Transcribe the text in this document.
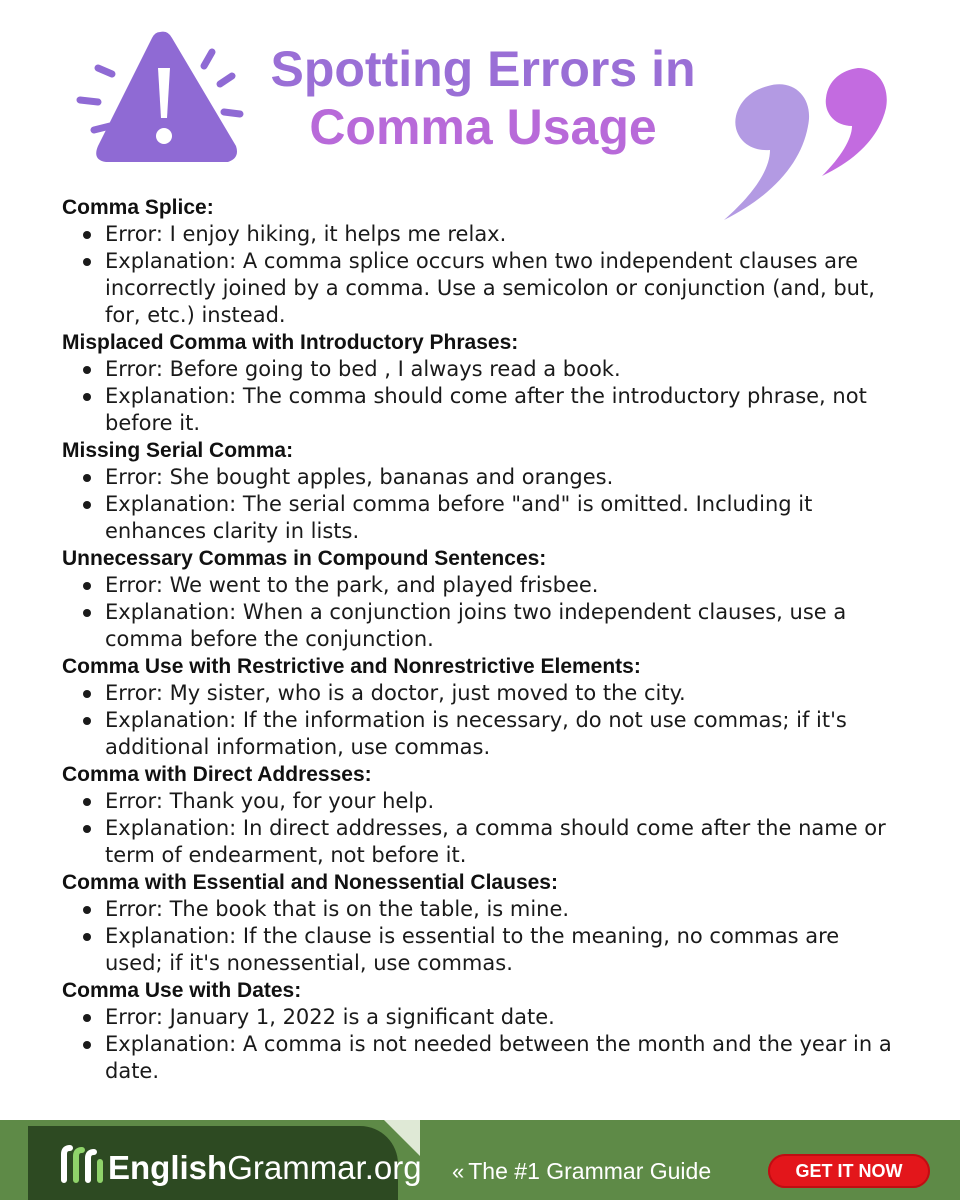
Spotting Errors in
Comma Usage
Comma Splice:
Error: I enjoy hiking, it helps me relax.
Explanation: A comma splice occurs when two independent clauses are incorrectly joined by a comma. Use a semicolon or conjunction (and, but, for, etc.) instead.
Misplaced Comma with Introductory Phrases:
Error: Before going to bed , I always read a book.
Explanation: The comma should come after the introductory phrase, not before it.
Missing Serial Comma:
Error: She bought apples, bananas and oranges.
Explanation: The serial comma before "and" is omitted. Including it enhances clarity in lists.
Unnecessary Commas in Compound Sentences:
Error: We went to the park, and played frisbee.
Explanation: When a conjunction joins two independent clauses, use a comma before the conjunction.
Comma Use with Restrictive and Nonrestrictive Elements:
Error: My sister, who is a doctor, just moved to the city.
Explanation: If the information is necessary, do not use commas; if it's additional information, use commas.
Comma with Direct Addresses:
Error: Thank you, for your help.
Explanation: In direct addresses, a comma should come after the name or term of endearment, not before it.
Comma with Essential and Nonessential Clauses:
Error: The book that is on the table, is mine.
Explanation: If the clause is essential to the meaning, no commas are used; if it's nonessential, use commas.
Comma Use with Dates:
Error: January 1, 2022 is a significant date.
Explanation: A comma is not needed between the month and the year in a date.
EnglishGrammar.org « The #1 Grammar Guide	GET IT NOW
